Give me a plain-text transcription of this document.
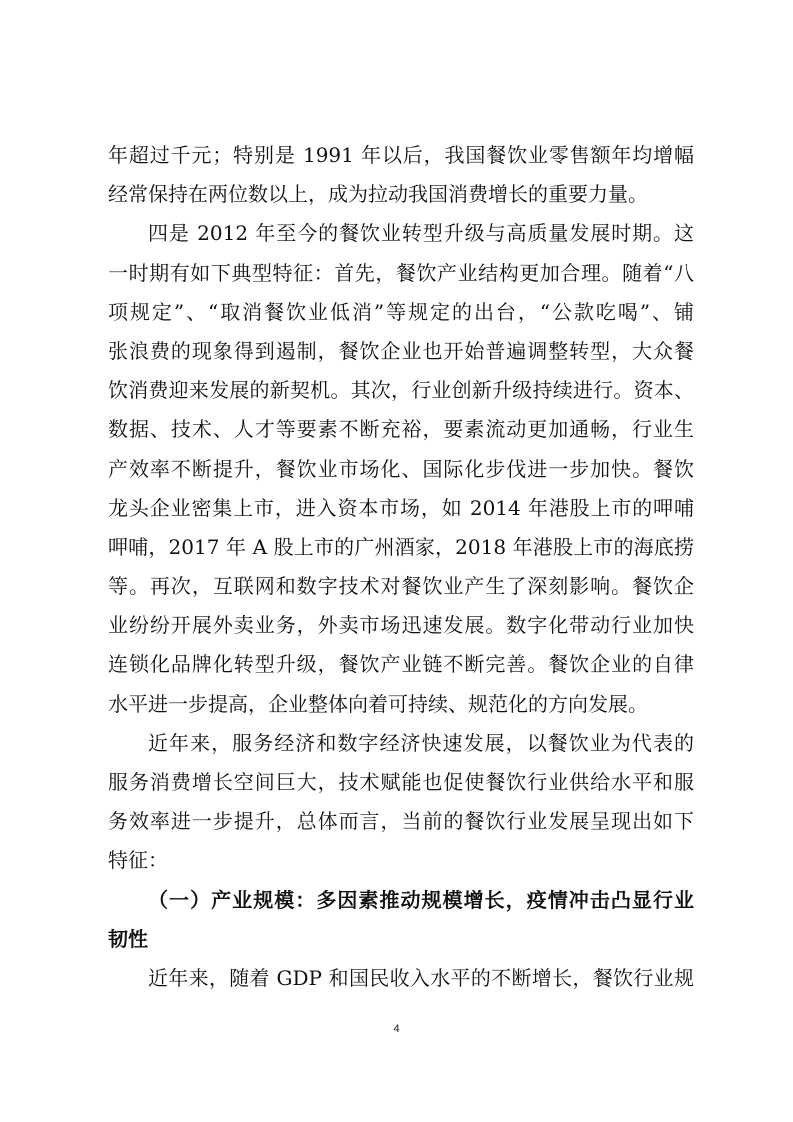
年超过千元；特别是 1991 年以后，我国餐饮业零售额年均增幅
经常保持在两位数以上，成为拉动我国消费增长的重要力量。
四是 2012 年至今的餐饮业转型升级与高质量发展时期。这
一时期有如下典型特征：首先，餐饮产业结构更加合理。随着“八
项规定”、“取消餐饮业低消”等规定的出台，“公款吃喝”、铺
张浪费的现象得到遏制，餐饮企业也开始普遍调整转型，大众餐
饮消费迎来发展的新契机。其次，行业创新升级持续进行。资本、
数据、技术、人才等要素不断充裕，要素流动更加通畅，行业生
产效率不断提升，餐饮业市场化、国际化步伐进一步加快。餐饮
龙头企业密集上市，进入资本市场，如 2014 年港股上市的呷哺
呷哺，2017 年 A 股上市的广州酒家，2018 年港股上市的海底捞
等。再次，互联网和数字技术对餐饮业产生了深刻影响。餐饮企
业纷纷开展外卖业务，外卖市场迅速发展。数字化带动行业加快
连锁化品牌化转型升级，餐饮产业链不断完善。餐饮企业的自律
水平进一步提高，企业整体向着可持续、规范化的方向发展。
近年来，服务经济和数字经济快速发展，以餐饮业为代表的
服务消费增长空间巨大，技术赋能也促使餐饮行业供给水平和服
务效率进一步提升，总体而言，当前的餐饮行业发展呈现出如下
特征：
（一）产业规模：多因素推动规模增长，疫情冲击凸显行业
韧性
近年来，随着 GDP 和国民收入水平的不断增长，餐饮行业规
4
